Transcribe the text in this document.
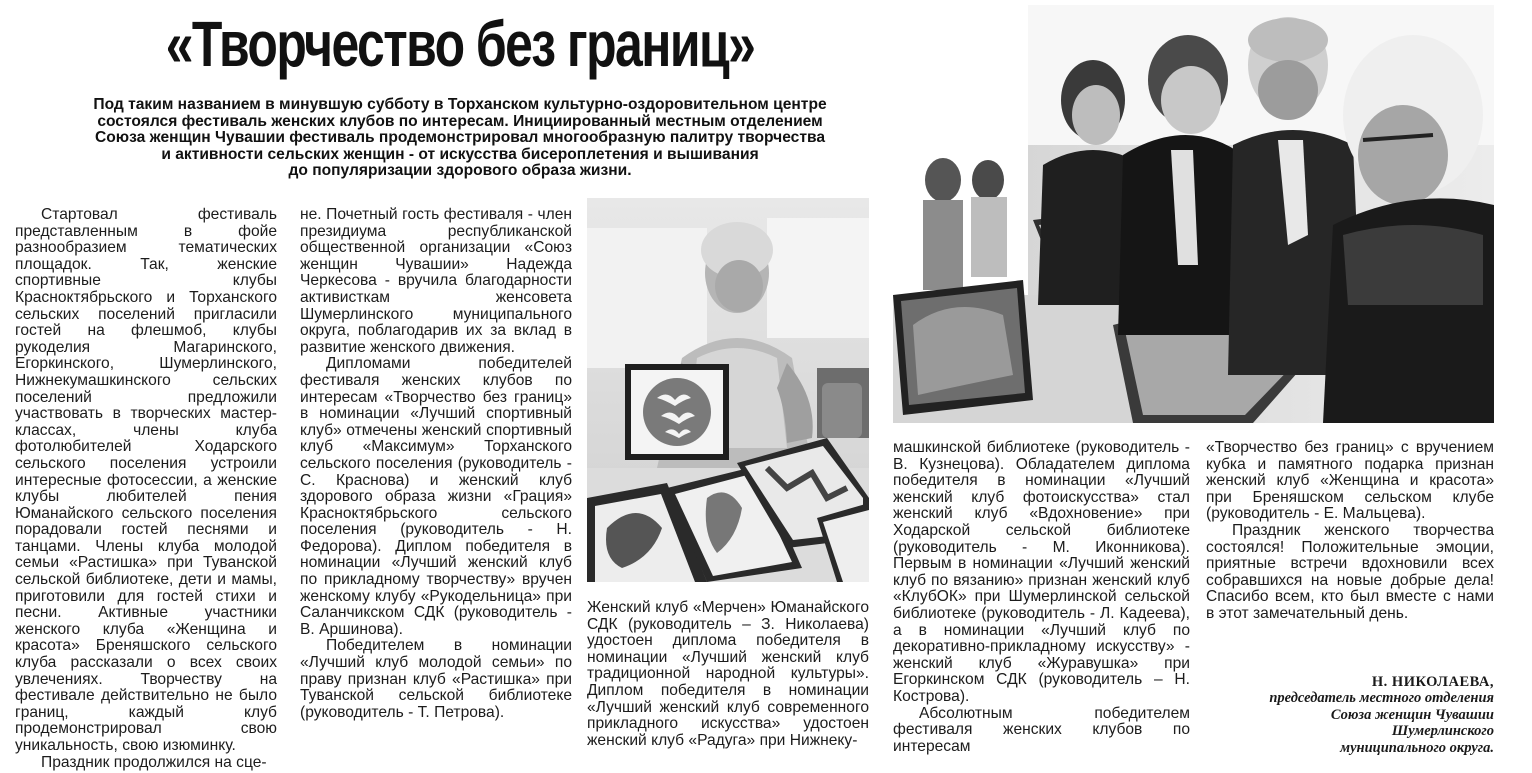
«Творчество без границ»

Под таким названием в минувшую субботу в Торханском культурно-оздоровительном центре

состоялся фестиваль женских клубов по интересам. Инициированный местным отделением

Союза женщин Чувашии фестиваль продемонстрировал многообразную палитру творчества

и активности сельских женщин - от искусства бисероплетения и вышивания

до популяризации здорового образа жизни.

Стартовал фестиваль представленным в фойе разнообразием тематических площадок. Так, женские спортивные клубы Красноктябрьского и Торханского сельских поселений пригласили гостей на флешмоб, клубы рукоделия Магаринского, Егоркинского, Шумерлинского, Нижнекумашкинского сельских поселений предложили участвовать в творческих мастер-классах, члены клуба фотолюбителей Ходарского сельского поселения устроили интересные фотосессии, а женские клубы любителей пения Юманайского сельского поселения порадовали гостей песнями и танцами. Члены клуба молодой семьи «Растишка» при Туванской сельской библиотеке, дети и мамы, приготовили для гостей стихи и песни. Активные участники женского клуба «Женщина и красота» Бреняшского сельского клуба рассказали о всех своих увлечениях. Творчеству на фестивале действительно не было границ, каждый клуб продемонстрировал свою уникальность, свою изюминку.

Праздник продолжился на сце-

не. Почетный гость фестиваля - член президиума республиканской общественной организации «Союз женщин Чувашии» Надежда Черкесова - вручила благодарности активисткам женсовета Шумерлинского муниципального округа, поблагодарив их за вклад в развитие женского движения.

Дипломами победителей фестиваля женских клубов по интересам «Творчество без границ» в номинации «Лучший спортивный клуб» отмечены женский спортивный клуб «Максимум» Торханского сельского поселения (руководитель - С. Краснова) и женский клуб здорового образа жизни «Грация» Красноктябрьского сельского поселения (руководитель - Н. Федорова). Диплом победителя в номинации «Лучший женский клуб по прикладному творчеству» вручен женскому клубу «Рукодельница» при Саланчикском СДК (руководитель - В. Аршинова).

Победителем в номинации «Лучший клуб молодой семьи» по праву признан клуб «Растишка» при Туванской сельской библиотеке (руководитель - Т. Петрова).

Женский клуб «Мерчен» Юманайского СДК (руководитель – З. Николаева) удостоен диплома победителя в номинации «Лучший женский клуб традиционной народной культуры». Диплом победителя в номинации «Лучший женский клуб современного прикладного искусства» удостоен женский клуб «Радуга» при Нижнеку-

машкинской библиотеке (руководитель - В. Кузнецова). Обладателем диплома победителя в номинации «Лучший женский клуб фотоискусства» стал женский клуб «Вдохновение» при Ходарской сельской библиотеке (руководитель - М. Иконникова). Первым в номинации «Лучший женский клуб по вязанию» признан женский клуб «КлубОК» при Шумерлинской сельской библиотеке (руководитель - Л. Кадеева), а в номинации «Лучший клуб по декоративно-прикладному искусству» - женский клуб «Журавушка» при Егоркинском СДК (руководитель – Н. Кострова).

Абсолютным победителем фестиваля женских клубов по интересам

«Творчество без границ» с вручением кубка и памятного подарка признан женский клуб «Женщина и красота» при Бреняшском сельском клубе (руководитель - Е. Мальцева).

Праздник женского творчества состоялся! Положительные эмоции, приятные встречи вдохновили всех собравшихся на новые добрые дела! Спасибо всем, кто был вместе с нами в этот замечательный день.

Н. НИКОЛАЕВА,
председатель местного отделения
Союза женщин Чувашии
Шумерлинского
муниципального округа.
